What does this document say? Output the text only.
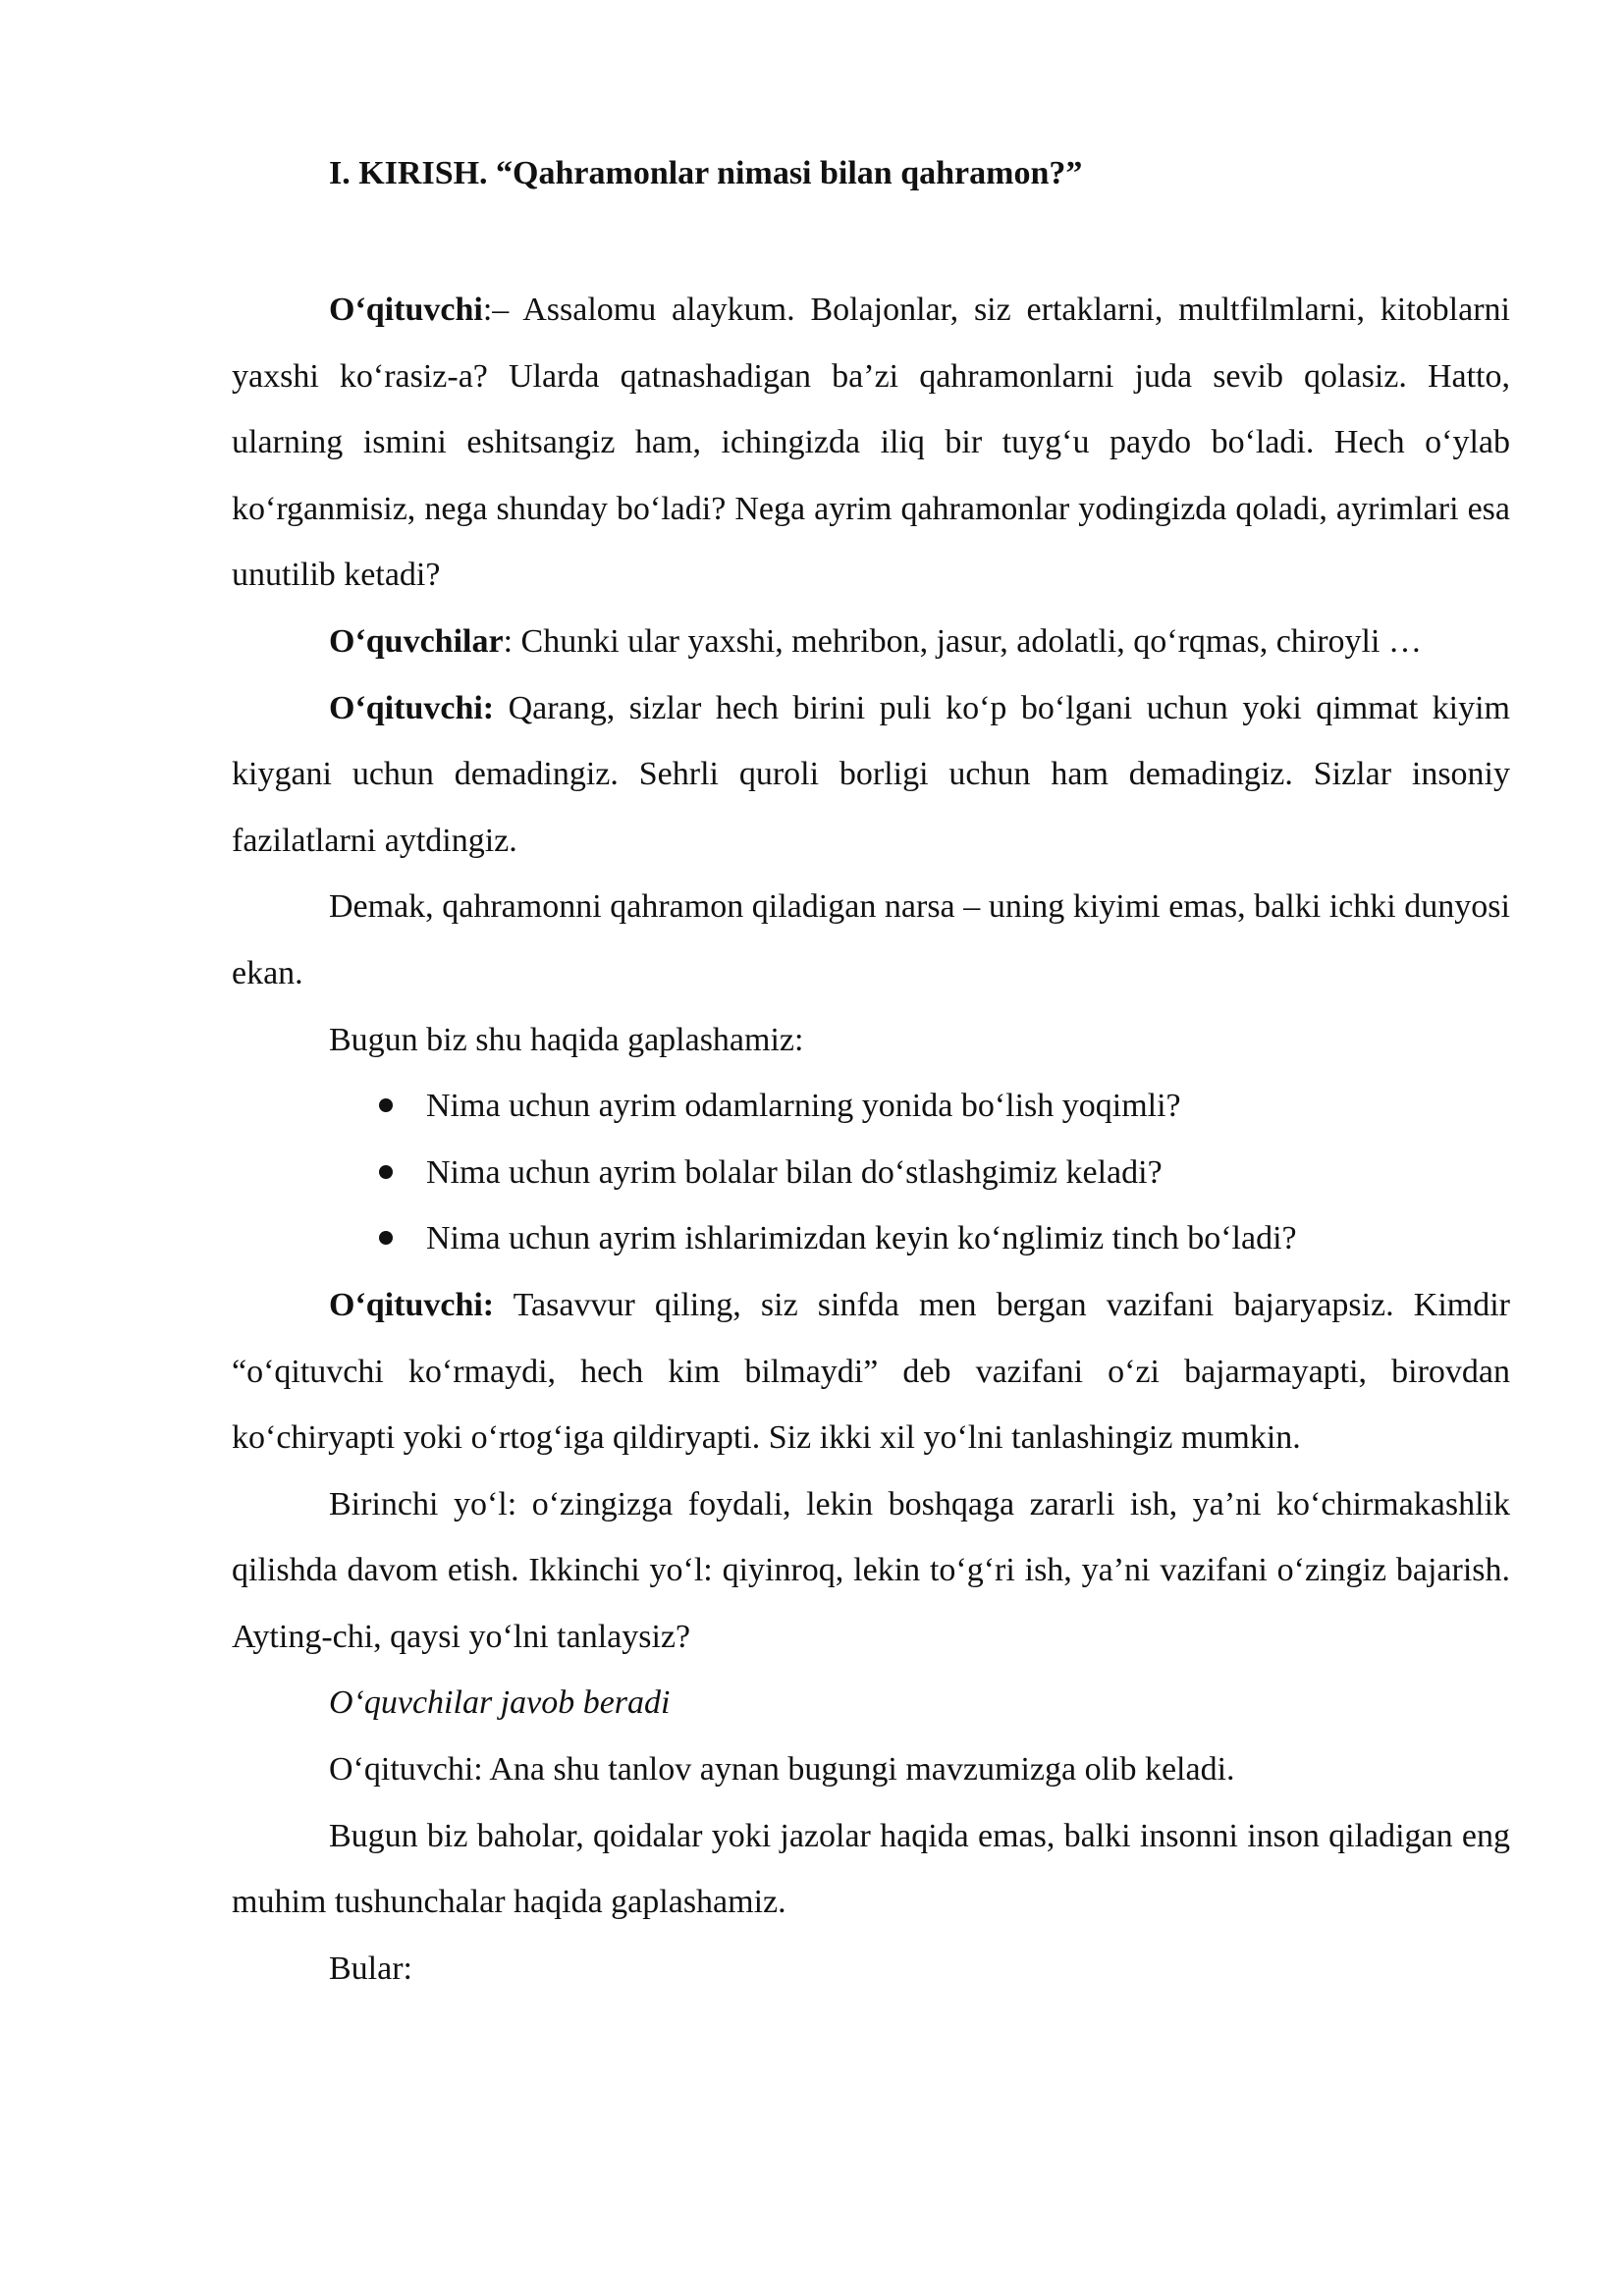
I. KIRISH. “Qahramonlar nimasi bilan qahramon?”

O‘qituvchi:– Assalomu alaykum. Bolajonlar, siz ertaklarni, multfilmlarni, kitoblarni yaxshi ko‘rasiz-a? Ularda qatnashadigan ba’zi qahramonlarni juda sevib qolasiz. Hatto, ularning ismini eshitsangiz ham, ichingizda iliq bir tuyg‘u paydo bo‘ladi. Hech o‘ylab ko‘rganmisiz, nega shunday bo‘ladi? Nega ayrim qahramonlar yodingizda qoladi, ayrimlari esa unutilib ketadi?

O‘quvchilar: Chunki ular yaxshi, mehribon, jasur, adolatli, qo‘rqmas, chiroyli …

O‘qituvchi: Qarang, sizlar hech birini puli ko‘p bo‘lgani uchun yoki qimmat kiyim kiygani uchun demadingiz. Sehrli quroli borligi uchun ham demadingiz. Sizlar insoniy fazilatlarni aytdingiz.

Demak, qahramonni qahramon qiladigan narsa – uning kiyimi emas, balki ichki dunyosi ekan.

Bugun biz shu haqida gaplashamiz:

Nima uchun ayrim odamlarning yonida bo‘lish yoqimli?
Nima uchun ayrim bolalar bilan do‘stlashgimiz keladi?
Nima uchun ayrim ishlarimizdan keyin ko‘nglimiz tinch bo‘ladi?

O‘qituvchi: Tasavvur qiling, siz sinfda men bergan vazifani bajaryapsiz. Kimdir “o‘qituvchi ko‘rmaydi, hech kim bilmaydi” deb vazifani o‘zi bajarmayapti, birovdan ko‘chiryapti yoki o‘rtog‘iga qildiryapti. Siz ikki xil yo‘lni tanlashingiz mumkin.

Birinchi yo‘l: o‘zingizga foydali, lekin boshqaga zararli ish, ya’ni ko‘chirmakashlik qilishda davom etish. Ikkinchi yo‘l: qiyinroq, lekin to‘g‘ri ish, ya’ni vazifani o‘zingiz bajarish. Ayting-chi, qaysi yo‘lni tanlaysiz?

O‘quvchilar javob beradi

O‘qituvchi: Ana shu tanlov aynan bugungi mavzumizga olib keladi.

Bugun biz baholar, qoidalar yoki jazolar haqida emas, balki insonni inson qiladigan eng muhim tushunchalar haqida gaplashamiz.

Bular:
